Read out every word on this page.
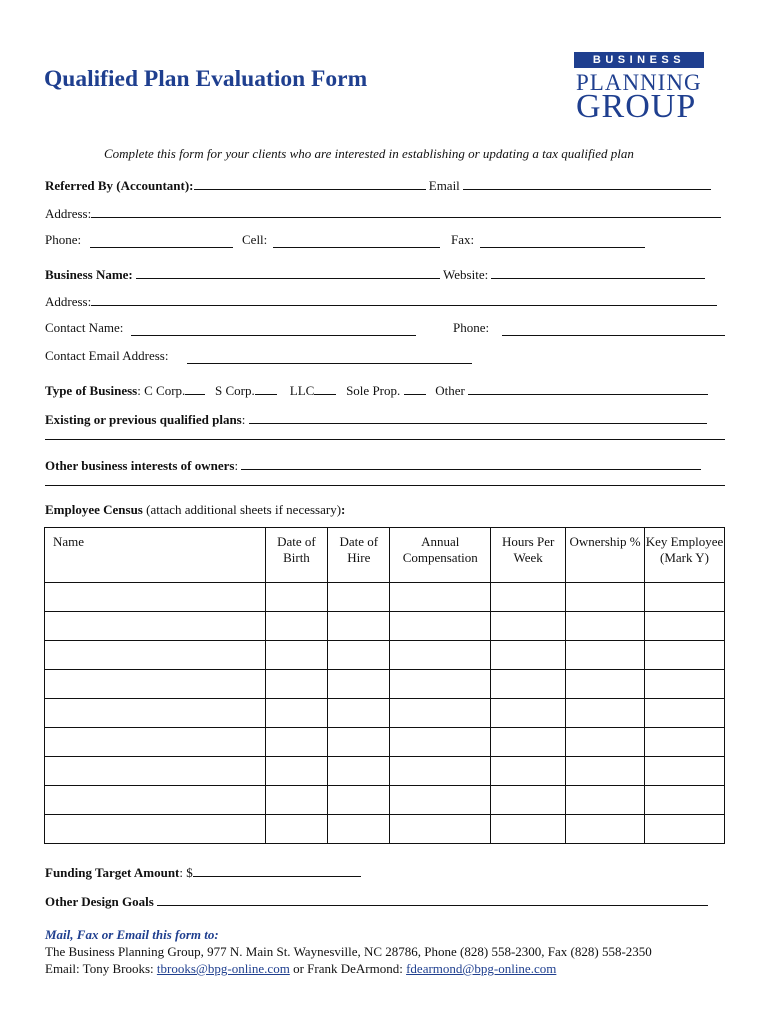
Qualified Plan Evaluation Form
BUSINESS
PLANNING
GROUP
Complete this form for your clients who are interested in establishing or updating a tax qualified plan
Referred By (Accountant):	Email
Address:
Phone:	Cell:	Fax:
Business Name:	Website:
Address:
Contact Name:	Phone:
Contact Email Address:
Type of Business: C Corp. S Corp.	LLC Sole Prop.	Other
Existing or previous qualified plans:
Other business interests of owners:
Employee Census (attach additional sheets if necessary):
Name	Date of Birth	Date of Hire	Annual Compensation	Hours Per Week	Ownership %	Key Employee (Mark Y)

Funding Target Amount: $
Other Design Goals
Mail, Fax or Email this form to:
The Business Planning Group, 977 N. Main St. Waynesville, NC 28786, Phone (828) 558-2300, Fax (828) 558-2350
Email: Tony Brooks: tbrooks@bpg-online.com or Frank DeArmond: fdearmond@bpg-online.com
